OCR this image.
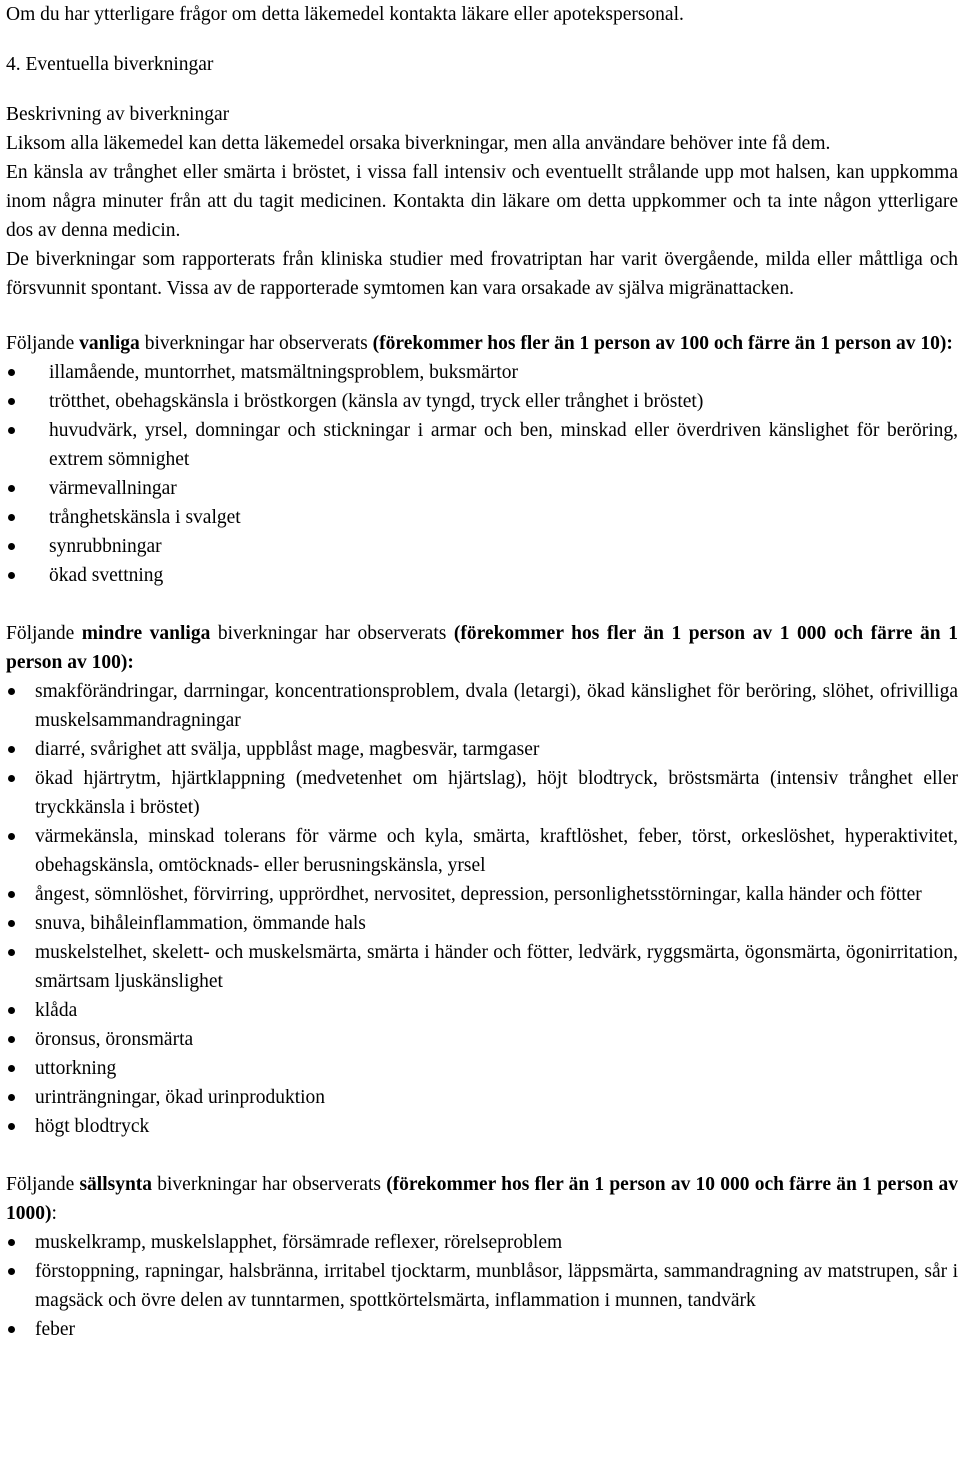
Om du har ytterligare frågor om detta läkemedel kontakta läkare eller apotekspersonal.

4. Eventuella biverkningar

Beskrivning av biverkningar

Liksom alla läkemedel kan detta läkemedel orsaka biverkningar, men alla användare behöver inte få dem.

En känsla av trånghet eller smärta i bröstet, i vissa fall intensiv och eventuellt strålande upp mot halsen, kan uppkomma inom några minuter från att du tagit medicinen. Kontakta din läkare om detta uppkommer och ta inte någon ytterligare dos av denna medicin.

De biverkningar som rapporterats från kliniska studier med frovatriptan har varit övergående, milda eller måttliga och försvunnit spontant. Vissa av de rapporterade symtomen kan vara orsakade av själva migränattacken.

Följande vanliga biverkningar har observerats (förekommer hos fler än 1 person av 100 och färre än 1 person av 10):

illamående, muntorrhet, matsmältningsproblem, buksmärtor
trötthet, obehagskänsla i bröstkorgen (känsla av tyngd, tryck eller trånghet i bröstet)
huvudvärk, yrsel, domningar och stickningar i armar och ben, minskad eller överdriven känslighet för beröring, extrem sömnighet
värmevallningar
trånghetskänsla i svalget
synrubbningar
ökad svettning

Följande mindre vanliga biverkningar har observerats (förekommer hos fler än 1 person av 1 000 och färre än 1 person av 100):

smakförändringar, darrningar, koncentrationsproblem, dvala (letargi), ökad känslighet för beröring, slöhet, ofrivilliga muskelsammandragningar
diarré, svårighet att svälja, uppblåst mage, magbesvär, tarmgaser
ökad hjärtrytm, hjärtklappning (medvetenhet om hjärtslag), höjt blodtryck, bröstsmärta (intensiv trånghet eller tryckkänsla i bröstet)
värmekänsla, minskad tolerans för värme och kyla, smärta, kraftlöshet, feber, törst, orkeslöshet, hyperaktivitet, obehagskänsla, omtöcknads- eller berusningskänsla, yrsel
ångest, sömnlöshet, förvirring, upprördhet, nervositet, depression, personlighetsstörningar, kalla händer och fötter
snuva, bihåleinflammation, ömmande hals
muskelstelhet, skelett- och muskelsmärta, smärta i händer och fötter, ledvärk, ryggsmärta, ögonsmärta, ögonirritation, smärtsam ljuskänslighet
klåda
öronsus, öronsmärta
uttorkning
urinträngningar, ökad urinproduktion
högt blodtryck

Följande sällsynta biverkningar har observerats (förekommer hos fler än 1 person av 10 000 och färre än 1 person av 1000):

muskelkramp, muskelslapphet, försämrade reflexer, rörelseproblem
förstoppning, rapningar, halsbränna, irritabel tjocktarm, munblåsor, läppsmärta, sammandragning av matstrupen, sår i magsäck och övre delen av tunntarmen, spottkörtelsmärta, inflammation i munnen, tandvärk
feber
